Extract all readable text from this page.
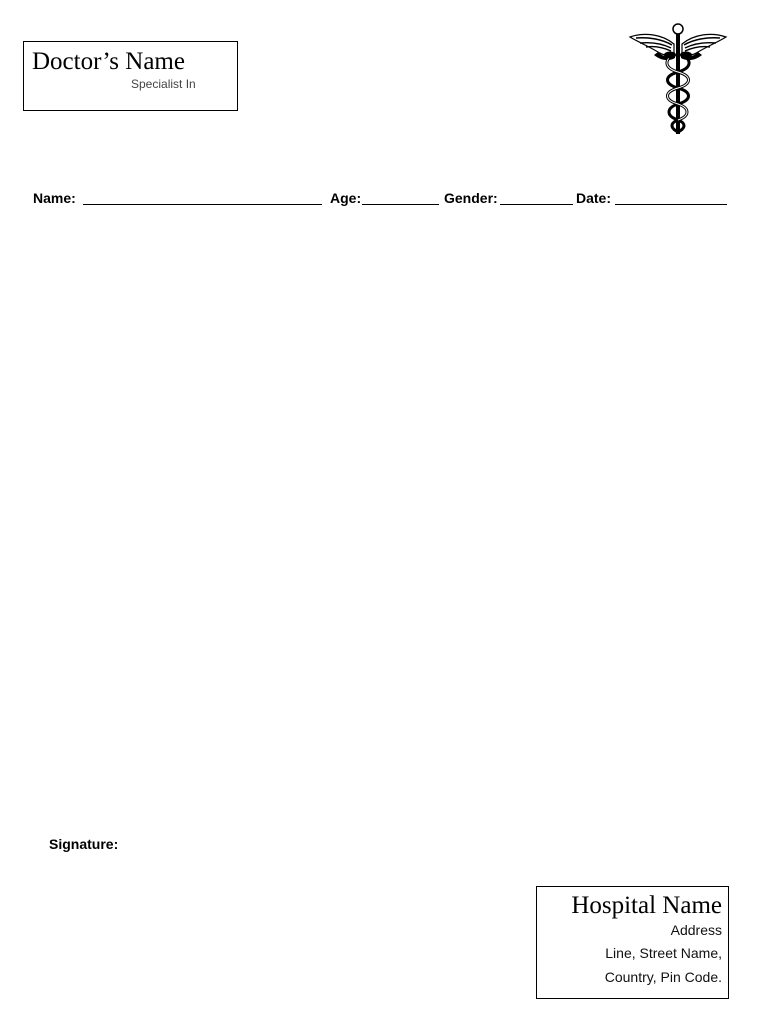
Doctor’s Name
Specialist In
Name:	Age:	Gender:	Date:
Signature:
Hospital Name
Address
Line, Street Name,
Country, Pin Code.
